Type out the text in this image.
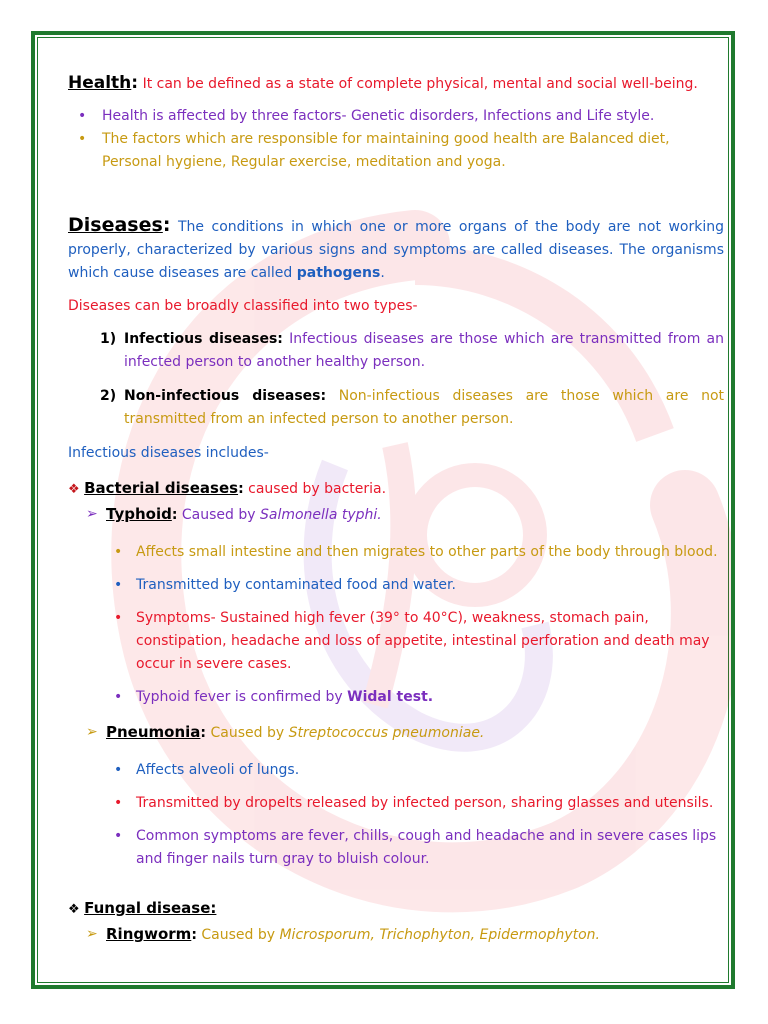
Health: It can be defined as a state of complete physical, mental and social well-being.

• Health is affected by three factors- Genetic disorders, Infections and Life style.

• The factors which are responsible for maintaining good health are Balanced diet, Personal hygiene, Regular exercise, meditation and yoga.

Diseases: The conditions in which one or more organs of the body are not working properly, characterized by various signs and symptoms are called diseases. The organisms which cause diseases are called pathogens.

Diseases can be broadly classified into two types-

1) Infectious diseases: Infectious diseases are those which are transmitted from an infected person to another healthy person.

2) Non-infectious diseases: Non-infectious diseases are those which are not transmitted from an infected person to another person.

Infectious diseases includes-

❖ Bacterial diseases: caused by bacteria.

➢ Typhoid: Caused by Salmonella typhi.

• Affects small intestine and then migrates to other parts of the body through blood.

• Transmitted by contaminated food and water.

• Symptoms- Sustained high fever (39° to 40°C), weakness, stomach pain, constipation, headache and loss of appetite, intestinal perforation and death may occur in severe cases.

• Typhoid fever is confirmed by Widal test.

➢ Pneumonia: Caused by Streptococcus pneumoniae.

• Affects alveoli of lungs.

• Transmitted by dropelts released by infected person, sharing glasses and utensils.

• Common symptoms are fever, chills, cough and headache and in severe cases lips and finger nails turn gray to bluish colour.

❖ Fungal disease:

➢ Ringworm: Caused by Microsporum, Trichophyton, Epidermophyton.
